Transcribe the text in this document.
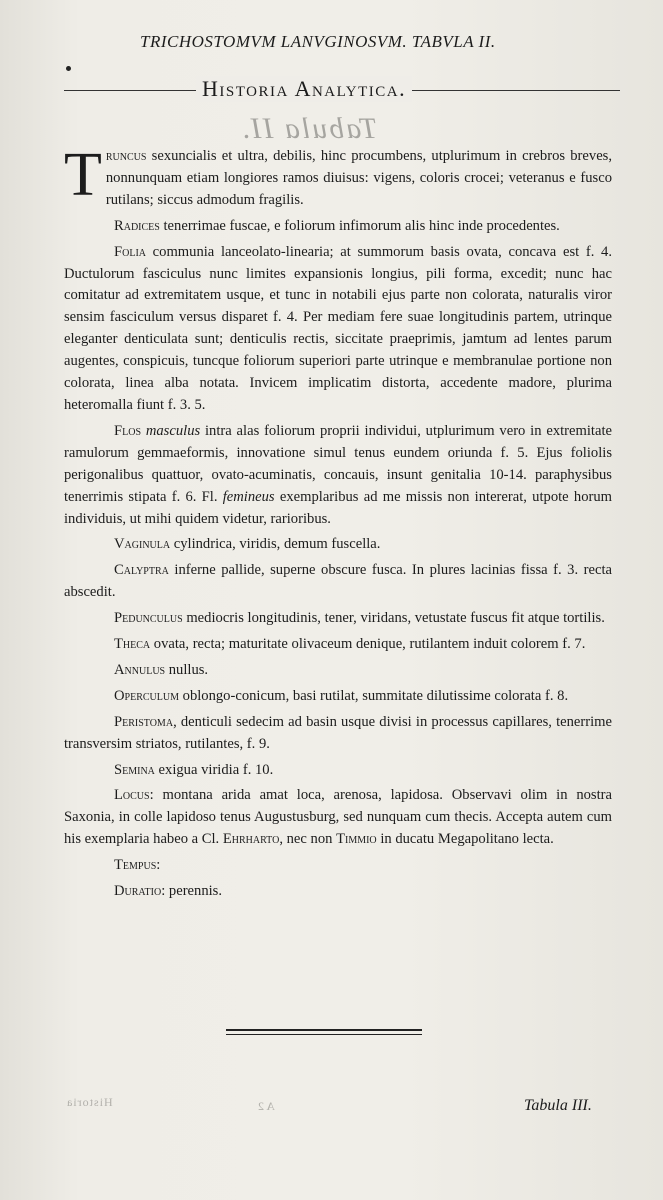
TRICHOSTOMVM LANVGINOSVM. TABVLA II.
Historia Analytica.
Tabula II.

Truncus sexuncialis et ultra, debilis, hinc procumbens, utplurimum in crebros breves, nonnunquam etiam longiores ramos diuisus: vigens, coloris crocei; veteranus e fusco rutilans; siccus admodum fragilis.

Radices tenerrimae fuscae, e foliorum infimorum alis hinc inde procedentes.

Folia communia lanceolato-linearia; at summorum basis ovata, concava est f. 4. Ductulorum fasciculus nunc limites expansionis longius, pili forma, excedit; nunc hac comitatur ad extremitatem usque, et tunc in notabili ejus parte non colorata, naturalis viror sensim fasciculum versus disparet f. 4. Per mediam fere suae longitudinis partem, utrinque eleganter denticulata sunt; denticulis rectis, siccitate praeprimis, jamtum ad lentes parum augentes, conspicuis, tuncque foliorum superiori parte utrinque e membranulae portione non colorata, linea alba notata. Invicem implicatim distorta, accedente madore, plurima heteromalla fiunt f. 3. 5.

Flos masculus intra alas foliorum proprii individui, utplurimum vero in extremitate ramulorum gemmaeformis, innovatione simul tenus eundem oriunda f. 5. Ejus foliolis perigonalibus quattuor, ovato-acuminatis, concauis, insunt genitalia 10-14. paraphysibus tenerrimis stipata f. 6. Fl. femineus exemplaribus ad me missis non intererat, utpote horum individuis, ut mihi quidem videtur, rarioribus.

Vaginula cylindrica, viridis, demum fuscella.

Calyptra inferne pallide, superne obscure fusca. In plures lacinias fissa f. 3. recta abscedit.

Pedunculus mediocris longitudinis, tener, viridans, vetustate fuscus fit atque tortilis.

Theca ovata, recta; maturitate olivaceum denique, rutilantem induit colorem f. 7.

Annulus nullus.

Operculum oblongo-conicum, basi rutilat, summitate dilutissime colorata f. 8.

Peristoma, denticuli sedecim ad basin usque divisi in processus capillares, tenerrime transversim striatos, rutilantes, f. 9.

Semina exigua viridia f. 10.

Locus: montana arida amat loca, arenosa, lapidosa. Observavi olim in nostra Saxonia, in colle lapidoso tenus Augustusburg, sed nunquam cum thecis. Accepta autem cum his exemplaria habeo a Cl. Ehrharto, nec non Timmio in ducatu Megapolitano lecta.

Tempus:

Duratio: perennis.

Historia	A 2	Tabula III.
